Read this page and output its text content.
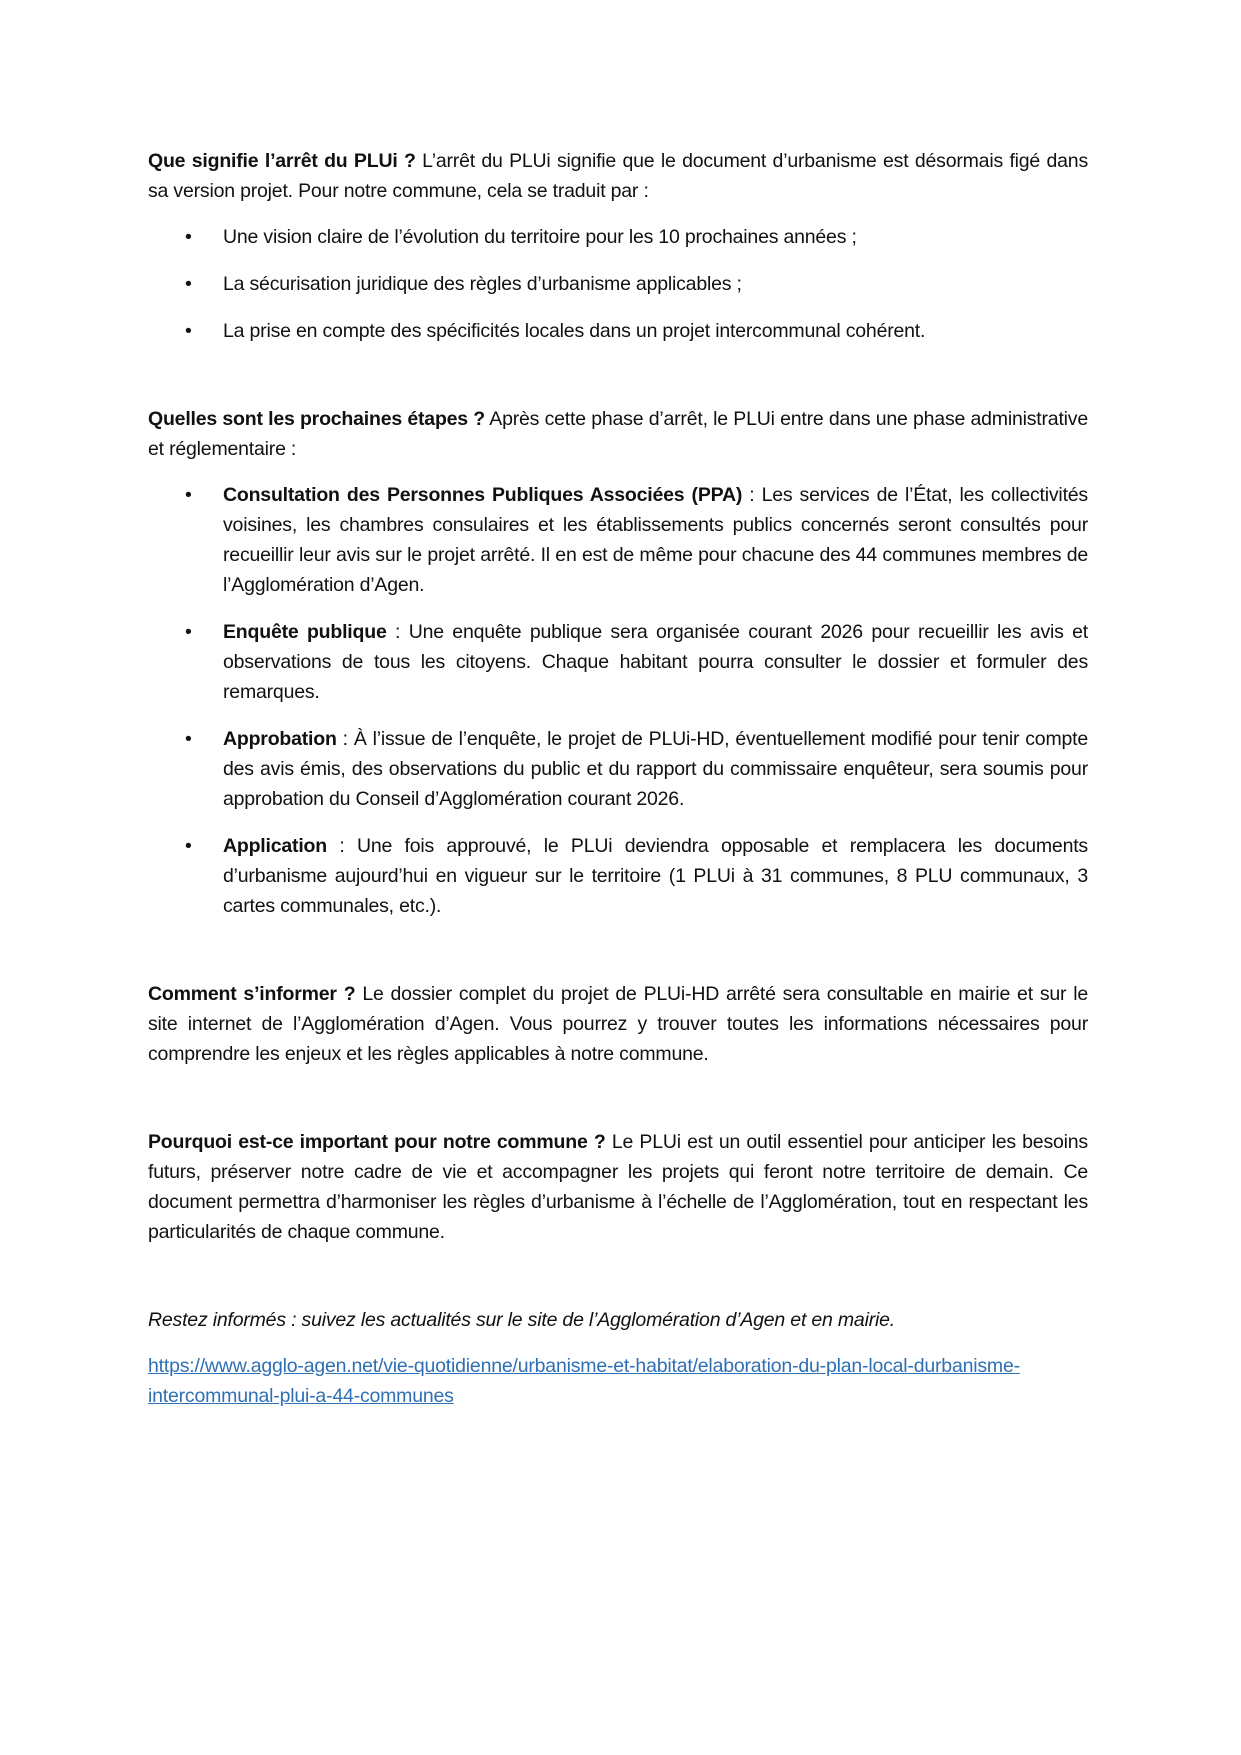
Que signifie l’arrêt du PLUi ? L’arrêt du PLUi signifie que le document d’urbanisme est désormais figé dans sa version projet. Pour notre commune, cela se traduit par :

• Une vision claire de l’évolution du territoire pour les 10 prochaines années ;
• La sécurisation juridique des règles d’urbanisme applicables ;
• La prise en compte des spécificités locales dans un projet intercommunal cohérent.

Quelles sont les prochaines étapes ? Après cette phase d’arrêt, le PLUi entre dans une phase administrative et réglementaire :

• Consultation des Personnes Publiques Associées (PPA) : Les services de l’État, les collectivités voisines, les chambres consulaires et les établissements publics concernés seront consultés pour recueillir leur avis sur le projet arrêté. Il en est de même pour chacune des 44 communes membres de l’Agglomération d’Agen.
• Enquête publique : Une enquête publique sera organisée courant 2026 pour recueillir les avis et observations de tous les citoyens. Chaque habitant pourra consulter le dossier et formuler des remarques.
• Approbation : À l’issue de l’enquête, le projet de PLUi-HD, éventuellement modifié pour tenir compte des avis émis, des observations du public et du rapport du commissaire enquêteur, sera soumis pour approbation du Conseil d’Agglomération courant 2026.
• Application : Une fois approuvé, le PLUi deviendra opposable et remplacera les documents d’urbanisme aujourd’hui en vigueur sur le territoire (1 PLUi à 31 communes, 8 PLU communaux, 3 cartes communales, etc.).

Comment s’informer ? Le dossier complet du projet de PLUi-HD arrêté sera consultable en mairie et sur le site internet de l’Agglomération d’Agen. Vous pourrez y trouver toutes les informations nécessaires pour comprendre les enjeux et les règles applicables à notre commune.

Pourquoi est-ce important pour notre commune ? Le PLUi est un outil essentiel pour anticiper les besoins futurs, préserver notre cadre de vie et accompagner les projets qui feront notre territoire de demain. Ce document permettra d’harmoniser les règles d’urbanisme à l’échelle de l’Agglomération, tout en respectant les particularités de chaque commune.

Restez informés : suivez les actualités sur le site de l’Agglomération d’Agen et en mairie.

https://www.agglo-agen.net/vie-quotidienne/urbanisme-et-habitat/elaboration-du-plan-local-durbanisme-intercommunal-plui-a-44-communes
